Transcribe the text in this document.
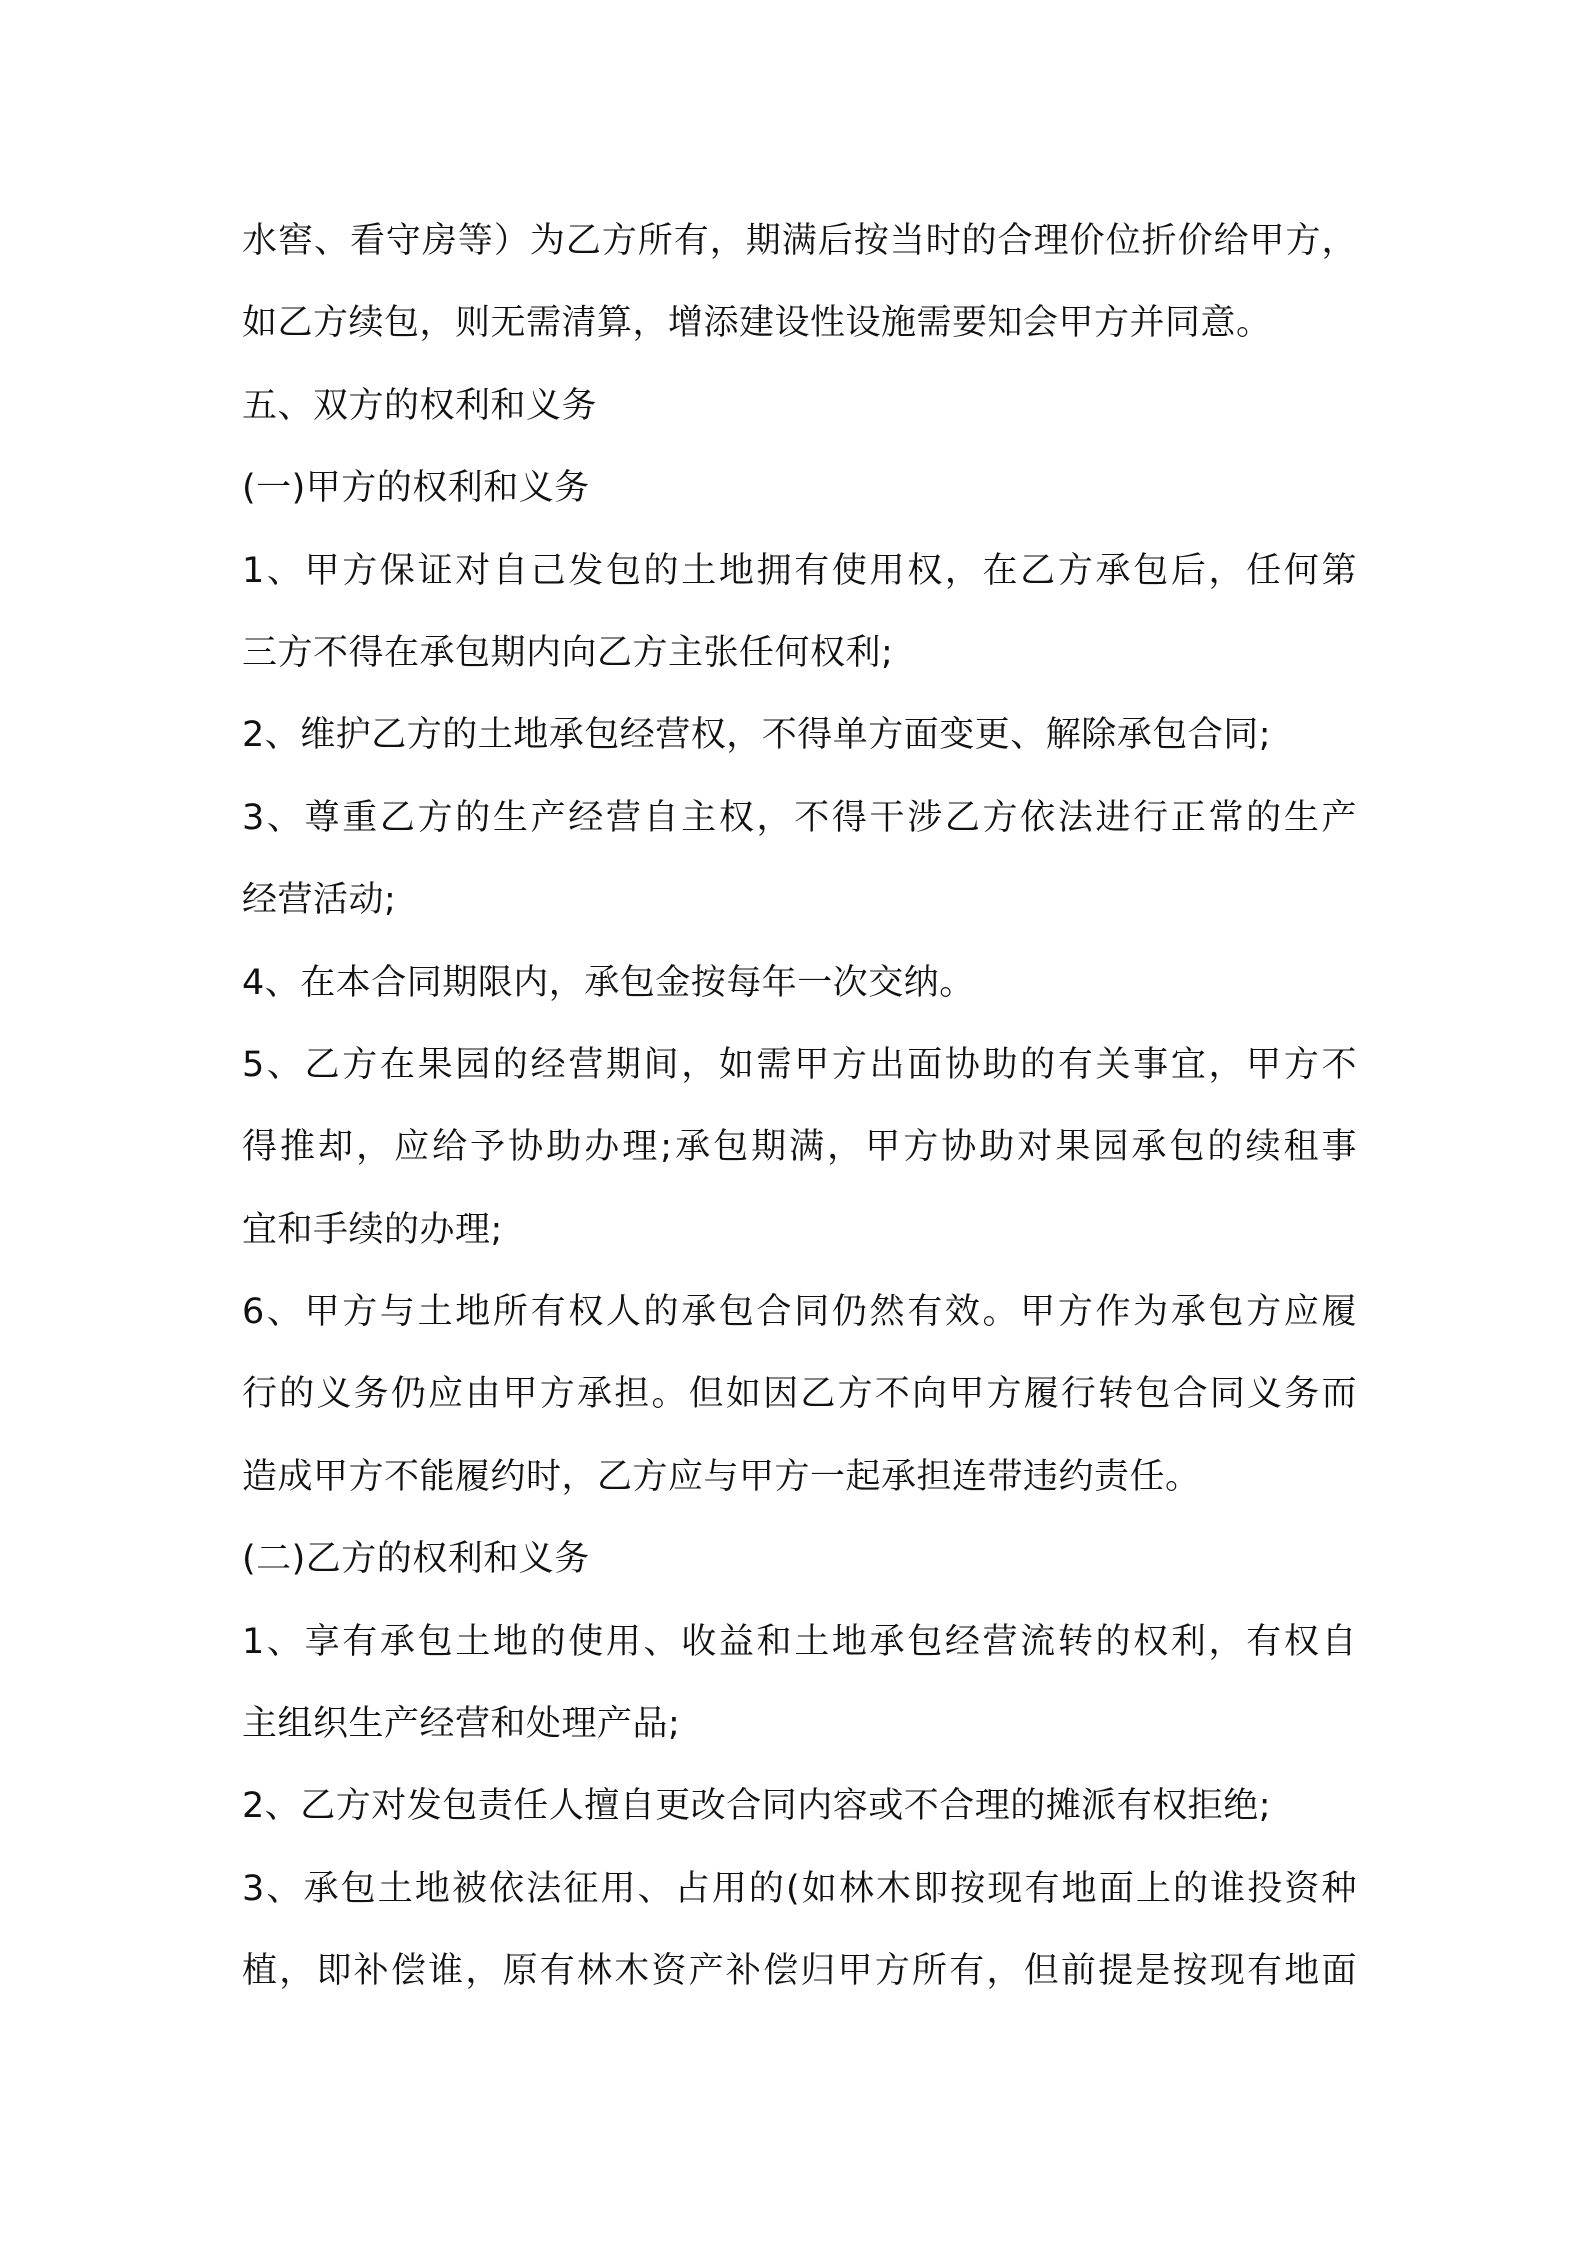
水窖、看守房等）为乙方所有，期满后按当时的合理价位折价给甲方，
如乙方续包，则无需清算，增添建设性设施需要知会甲方并同意。
五、双方的权利和义务
(一)甲方的权利和义务
1、甲方保证对自己发包的土地拥有使用权，在乙方承包后，任何第
三方不得在承包期内向乙方主张任何权利;
2、维护乙方的土地承包经营权，不得单方面变更、解除承包合同;
3、尊重乙方的生产经营自主权，不得干涉乙方依法进行正常的生产
经营活动;
4、在本合同期限内，承包金按每年一次交纳。
5、乙方在果园的经营期间，如需甲方出面协助的有关事宜，甲方不
得推却，应给予协助办理;承包期满，甲方协助对果园承包的续租事
宜和手续的办理;
6、甲方与土地所有权人的承包合同仍然有效。甲方作为承包方应履
行的义务仍应由甲方承担。但如因乙方不向甲方履行转包合同义务而
造成甲方不能履约时，乙方应与甲方一起承担连带违约责任。
(二)乙方的权利和义务
1、享有承包土地的使用、收益和土地承包经营流转的权利，有权自
主组织生产经营和处理产品;
2、乙方对发包责任人擅自更改合同内容或不合理的摊派有权拒绝;
3、承包土地被依法征用、占用的(如林木即按现有地面上的谁投资种
植，即补偿谁，原有林木资产补偿归甲方所有，但前提是按现有地面
